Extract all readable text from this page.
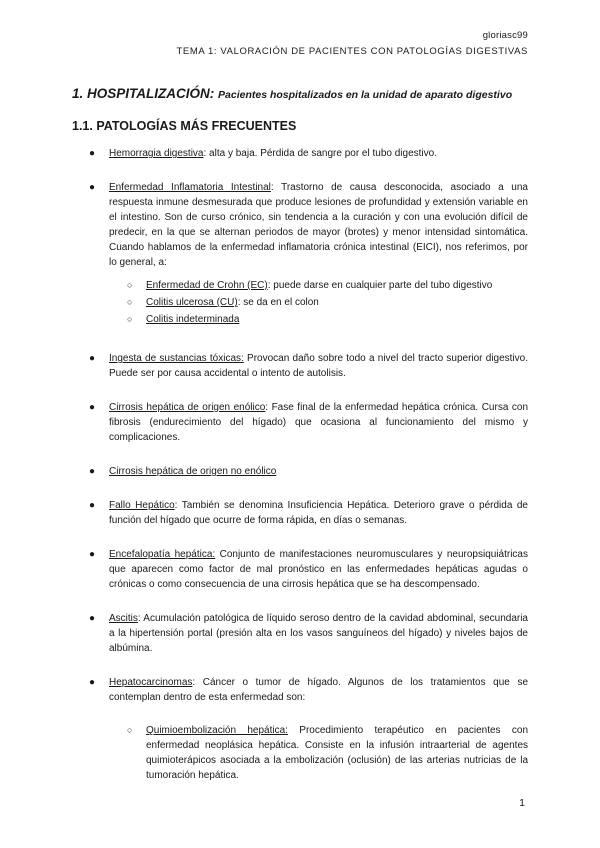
gloriasc99
TEMA 1: VALORACIÓN DE PACIENTES CON PATOLOGÍAS DIGESTIVAS
1. HOSPITALIZACIÓN: Pacientes hospitalizados en la unidad de aparato digestivo
1.1. PATOLOGÍAS MÁS FRECUENTES
● Hemorragia digestiva: alta y baja. Pérdida de sangre por el tubo digestivo.
● Enfermedad Inflamatoria Intestinal: Trastorno de causa desconocida, asociado a una respuesta inmune desmesurada que produce lesiones de profundidad y extensión variable en el intestino. Son de curso crónico, sin tendencia a la curación y con una evolución difícil de predecir, en la que se alternan periodos de mayor (brotes) y menor intensidad sintomática. Cuando hablamos de la enfermedad inflamatoria crónica intestinal (EICI), nos referimos, por lo general, a:
○ Enfermedad de Crohn (EC): puede darse en cualquier parte del tubo digestivo
○ Colitis ulcerosa (CU): se da en el colon
○ Colitis indeterminada
● Ingesta de sustancias tóxicas: Provocan daño sobre todo a nivel del tracto superior digestivo. Puede ser por causa accidental o intento de autolisis.
● Cirrosis hepática de origen enólico: Fase final de la enfermedad hepática crónica. Cursa con fibrosis (endurecimiento del hígado) que ocasiona al funcionamiento del mismo y complicaciones.
● Cirrosis hepática de origen no enólico
● Fallo Hepático: También se denomina Insuficiencia Hepática. Deterioro grave o pérdida de función del hígado que ocurre de forma rápida, en días o semanas.
● Encefalopatía hepática: Conjunto de manifestaciones neuromusculares y neuropsiquiátricas que aparecen como factor de mal pronóstico en las enfermedades hepáticas agudas o crónicas o como consecuencia de una cirrosis hepática que se ha descompensado.
● Ascitis: Acumulación patológica de líquido seroso dentro de la cavidad abdominal, secundaria a la hipertensión portal (presión alta en los vasos sanguíneos del hígado) y niveles bajos de albúmina.
● Hepatocarcinomas: Cáncer o tumor de hígado. Algunos de los tratamientos que se contemplan dentro de esta enfermedad son:
○ Quimioembolización hepática: Procedimiento terapéutico en pacientes con enfermedad neoplásica hepática. Consiste en la infusión intraarterial de agentes quimioterápicos asociada a la embolización (oclusión) de las arterias nutricias de la tumoración hepática.
1
